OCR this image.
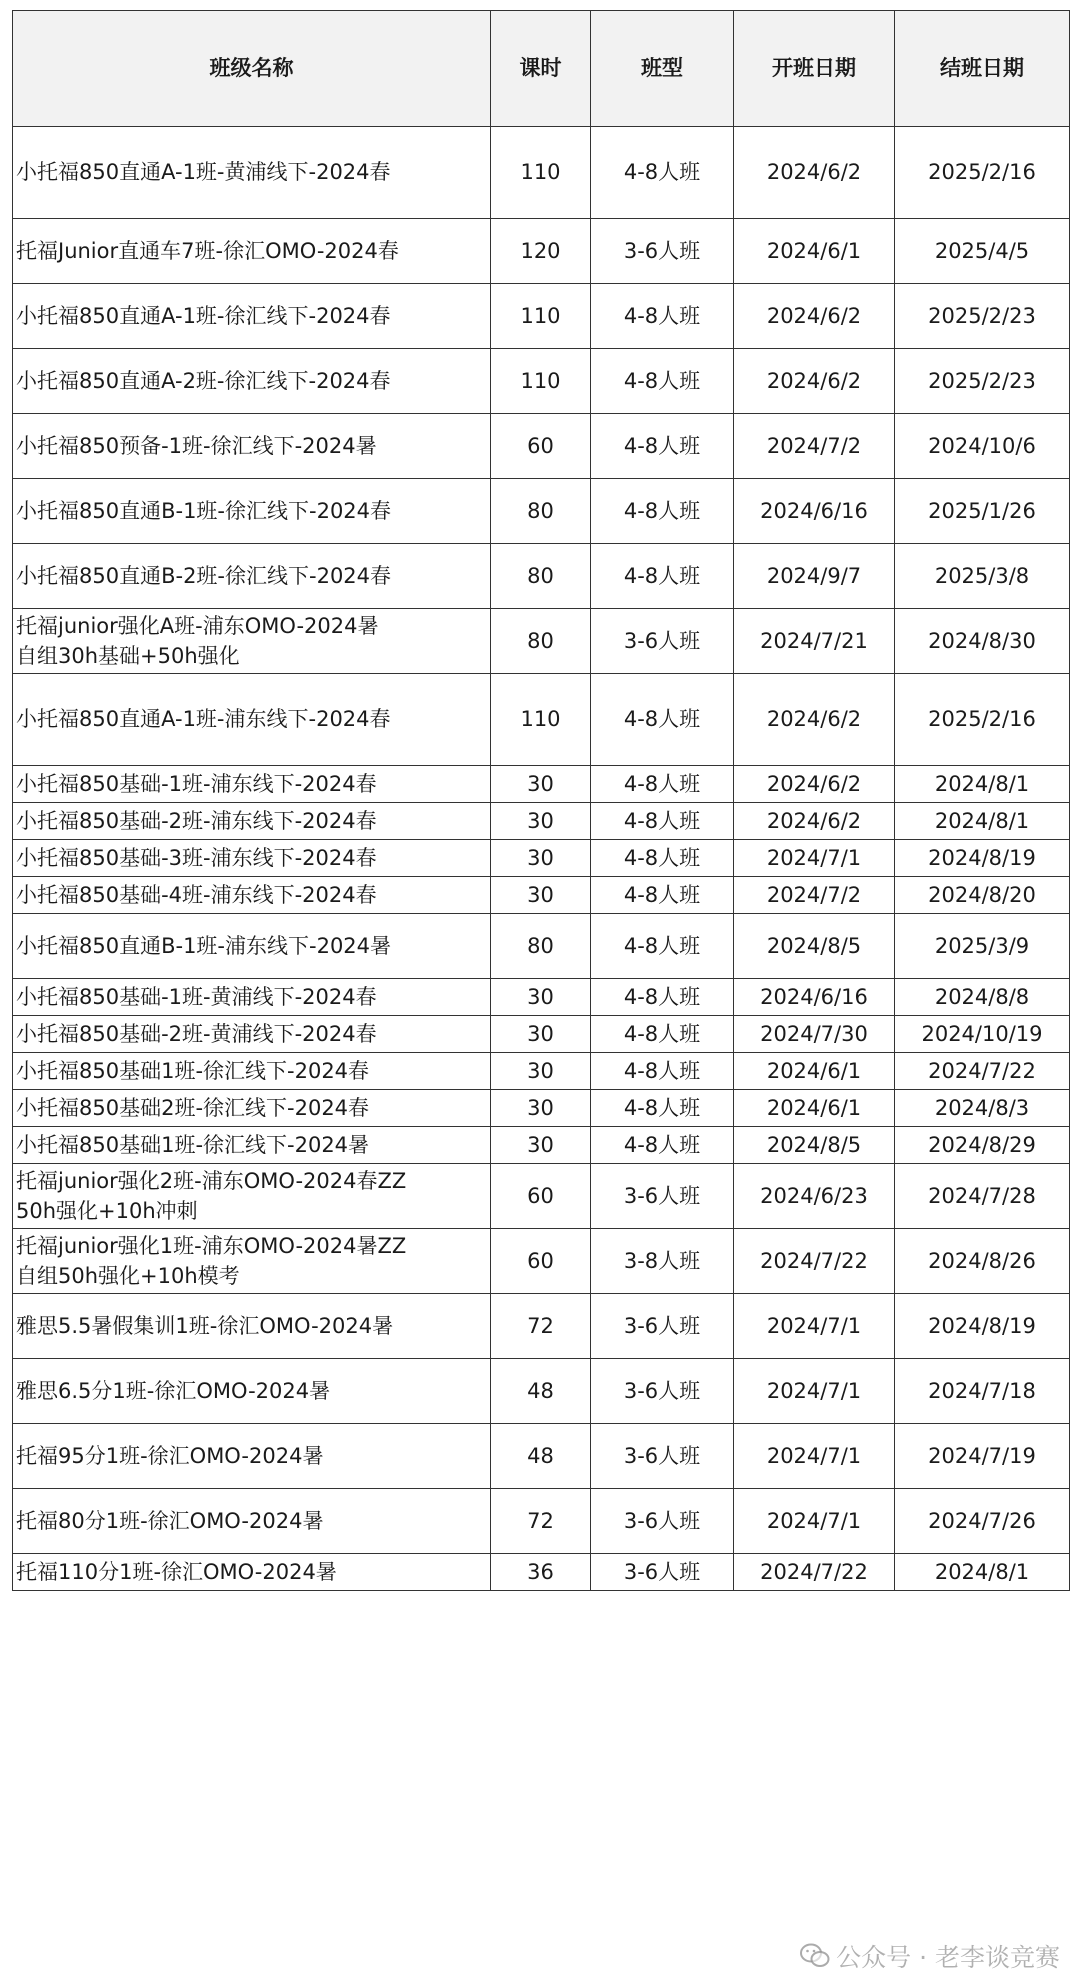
班级名称	课时	班型	开班日期	结班日期

小托福850直通A-1班-黄浦线下-2024春	110	4-8人班	2024/6/2	2025/2/16

托福Junior直通车7班-徐汇OMO-2024春	120	3-6人班	2024/6/1	2025/4/5

小托福850直通A-1班-徐汇线下-2024春	110	4-8人班	2024/6/2	2025/2/23

小托福850直通A-2班-徐汇线下-2024春	110	4-8人班	2024/6/2	2025/2/23

小托福850预备-1班-徐汇线下-2024暑	60	4-8人班	2024/7/2	2024/10/6

小托福850直通B-1班-徐汇线下-2024春	80	4-8人班	2024/6/16	2025/1/26

小托福850直通B-2班-徐汇线下-2024春	80	4-8人班	2024/9/7	2025/3/8

托福junior强化A班-浦东OMO-2024暑
自组30h基础+50h强化	80	3-6人班	2024/7/21	2024/8/30

小托福850直通A-1班-浦东线下-2024春	110	4-8人班	2024/6/2	2025/2/16

小托福850基础-1班-浦东线下-2024春	30	4-8人班	2024/6/2	2024/8/1

小托福850基础-2班-浦东线下-2024春	30	4-8人班	2024/6/2	2024/8/1

小托福850基础-3班-浦东线下-2024春	30	4-8人班	2024/7/1	2024/8/19

小托福850基础-4班-浦东线下-2024春	30	4-8人班	2024/7/2	2024/8/20

小托福850直通B-1班-浦东线下-2024暑	80	4-8人班	2024/8/5	2025/3/9

小托福850基础-1班-黄浦线下-2024春	30	4-8人班	2024/6/16	2024/8/8

小托福850基础-2班-黄浦线下-2024春	30	4-8人班	2024/7/30	2024/10/19

小托福850基础1班-徐汇线下-2024春	30	4-8人班	2024/6/1	2024/7/22

小托福850基础2班-徐汇线下-2024春	30	4-8人班	2024/6/1	2024/8/3

小托福850基础1班-徐汇线下-2024暑	30	4-8人班	2024/8/5	2024/8/29

托福junior强化2班-浦东OMO-2024春ZZ
50h强化+10h冲刺	60	3-6人班	2024/6/23	2024/7/28

托福junior强化1班-浦东OMO-2024暑ZZ
自组50h强化+10h模考	60	3-8人班	2024/7/22	2024/8/26

雅思5.5暑假集训1班-徐汇OMO-2024暑	72	3-6人班	2024/7/1	2024/8/19

雅思6.5分1班-徐汇OMO-2024暑	48	3-6人班	2024/7/1	2024/7/18

托福95分1班-徐汇OMO-2024暑	48	3-6人班	2024/7/1	2024/7/19

托福80分1班-徐汇OMO-2024暑	72	3-6人班	2024/7/1	2024/7/26

托福110分1班-徐汇OMO-2024暑	36	3-6人班	2024/7/22	2024/8/1
公众号 · 老李谈竞赛
